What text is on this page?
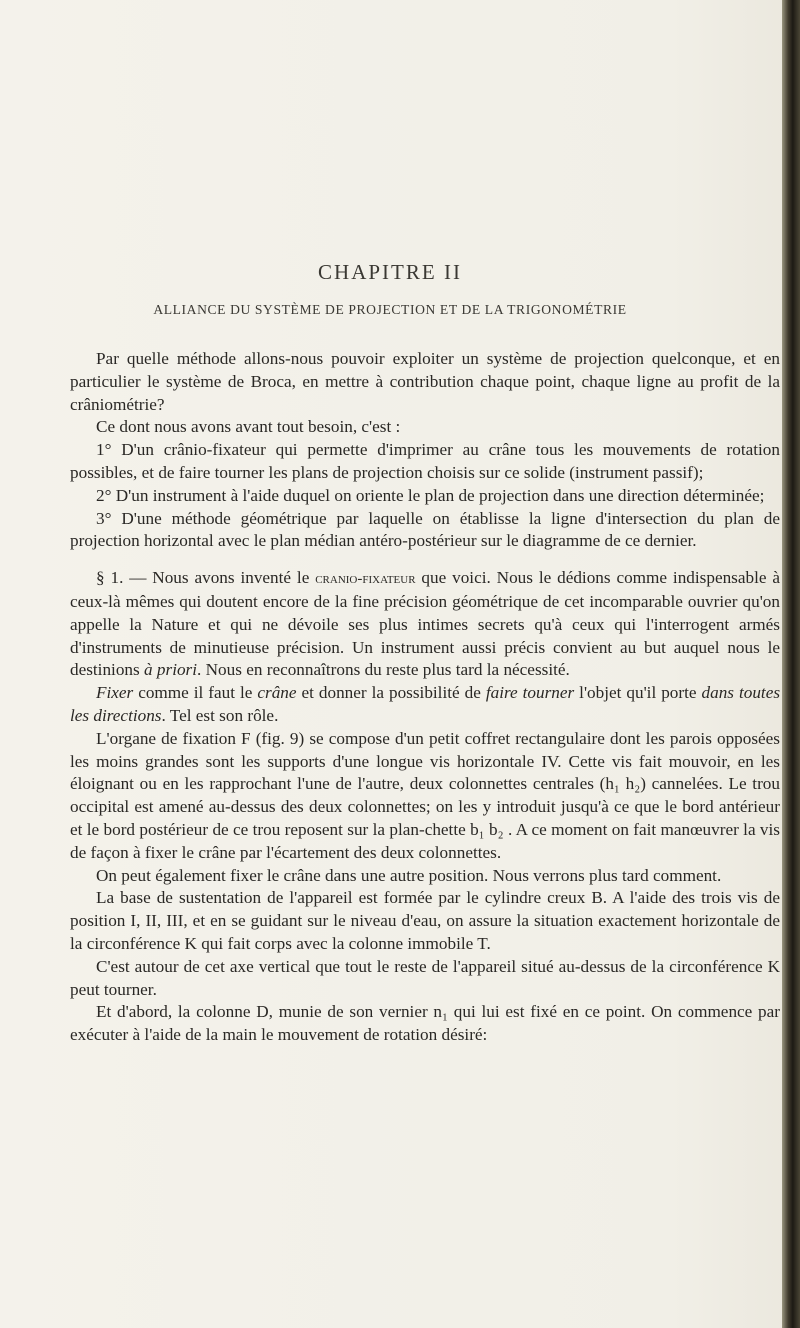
CHAPITRE II
ALLIANCE DU SYSTÈME DE PROJECTION ET DE LA TRIGONOMÉTRIE

Par quelle méthode allons-nous pouvoir exploiter un système de projection quelconque, et en particulier le système de Broca, en mettre à contribution chaque point, chaque ligne au profit de la crâniométrie?

Ce dont nous avons avant tout besoin, c'est :

1° D'un crânio-fixateur qui permette d'imprimer au crâne tous les mouvements de rotation possibles, et de faire tourner les plans de projection choisis sur ce solide (instrument passif);

2° D'un instrument à l'aide duquel on oriente le plan de projection dans une direction déterminée;

3° D'une méthode géométrique par laquelle on établisse la ligne d'intersection du plan de projection horizontal avec le plan médian antéro-postérieur sur le diagramme de ce dernier.

§ 1. — Nous avons inventé le cranio-fixateur que voici. Nous le dédions comme indispensable à ceux-là mêmes qui doutent encore de la fine précision géométrique de cet incomparable ouvrier qu'on appelle la Nature et qui ne dévoile ses plus intimes secrets qu'à ceux qui l'interrogent armés d'instruments de minutieuse précision. Un instrument aussi précis convient au but auquel nous le destinions à priori. Nous en reconnaîtrons du reste plus tard la nécessité.

Fixer comme il faut le crâne et donner la possibilité de faire tourner l'objet qu'il porte dans toutes les directions. Tel est son rôle.

L'organe de fixation F (fig. 9) se compose d'un petit coffret rectangulaire dont les parois opposées les moins grandes sont les supports d'une longue vis horizontale IV. Cette vis fait mouvoir, en les éloignant ou en les rapprochant l'une de l'autre, deux colonnettes centrales (h₁ h₂) cannelées. Le trou occipital est amené au-dessus des deux colonnettes; on les y introduit jusqu'à ce que le bord antérieur et le bord postérieur de ce trou reposent sur la plan-chette b₁ b₂ . A ce moment on fait manœuvrer la vis de façon à fixer le crâne par l'écartement des deux colonnettes.

On peut également fixer le crâne dans une autre position. Nous verrons plus tard comment.

La base de sustentation de l'appareil est formée par le cylindre creux B. A l'aide des trois vis de position I, II, III, et en se guidant sur le niveau d'eau, on assure la situation exactement horizontale de la circonférence K qui fait corps avec la colonne immobile T.

C'est autour de cet axe vertical que tout le reste de l'appareil situé au-dessus de la circonférence K peut tourner.

Et d'abord, la colonne D, munie de son vernier n₁ qui lui est fixé en ce point. On commence par exécuter à l'aide de la main le mouvement de rotation désiré:
